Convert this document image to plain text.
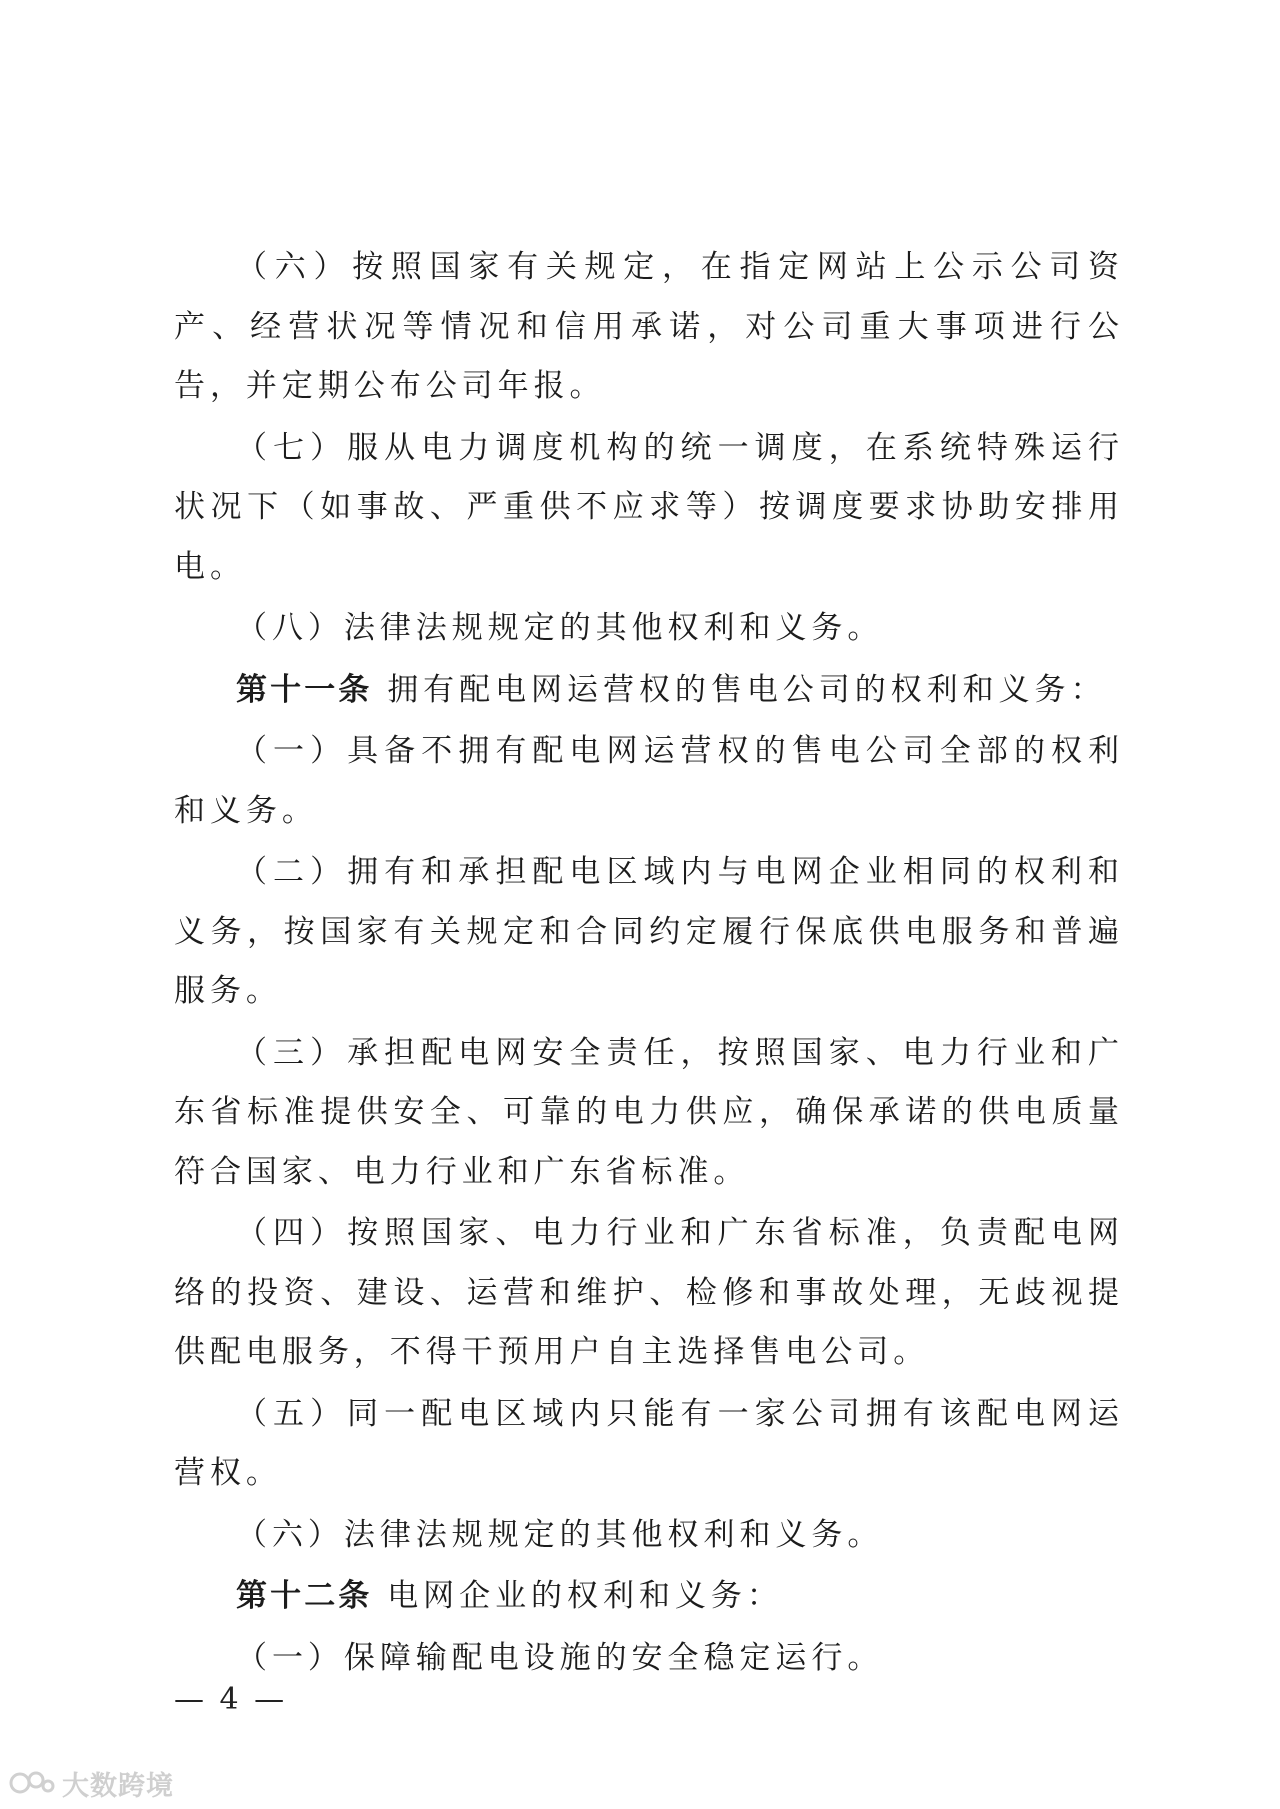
（六）按照国家有关规定，在指定网站上公示公司资产、经营状况等情况和信用承诺，对公司重大事项进行公告，并定期公布公司年报。

（七）服从电力调度机构的统一调度，在系统特殊运行状况下（如事故、严重供不应求等）按调度要求协助安排用电。

（八）法律法规规定的其他权利和义务。

第十一条 拥有配电网运营权的售电公司的权利和义务：

（一）具备不拥有配电网运营权的售电公司全部的权利和义务。

（二）拥有和承担配电区域内与电网企业相同的权利和义务，按国家有关规定和合同约定履行保底供电服务和普遍服务。

（三）承担配电网安全责任，按照国家、电力行业和广东省标准提供安全、可靠的电力供应，确保承诺的供电质量符合国家、电力行业和广东省标准。

（四）按照国家、电力行业和广东省标准，负责配电网络的投资、建设、运营和维护、检修和事故处理，无歧视提供配电服务，不得干预用户自主选择售电公司。

（五）同一配电区域内只能有一家公司拥有该配电网运营权。

（六）法律法规规定的其他权利和义务。

第十二条 电网企业的权利和义务：

（一）保障输配电设施的安全稳定运行。

— 4 —
大数跨境
